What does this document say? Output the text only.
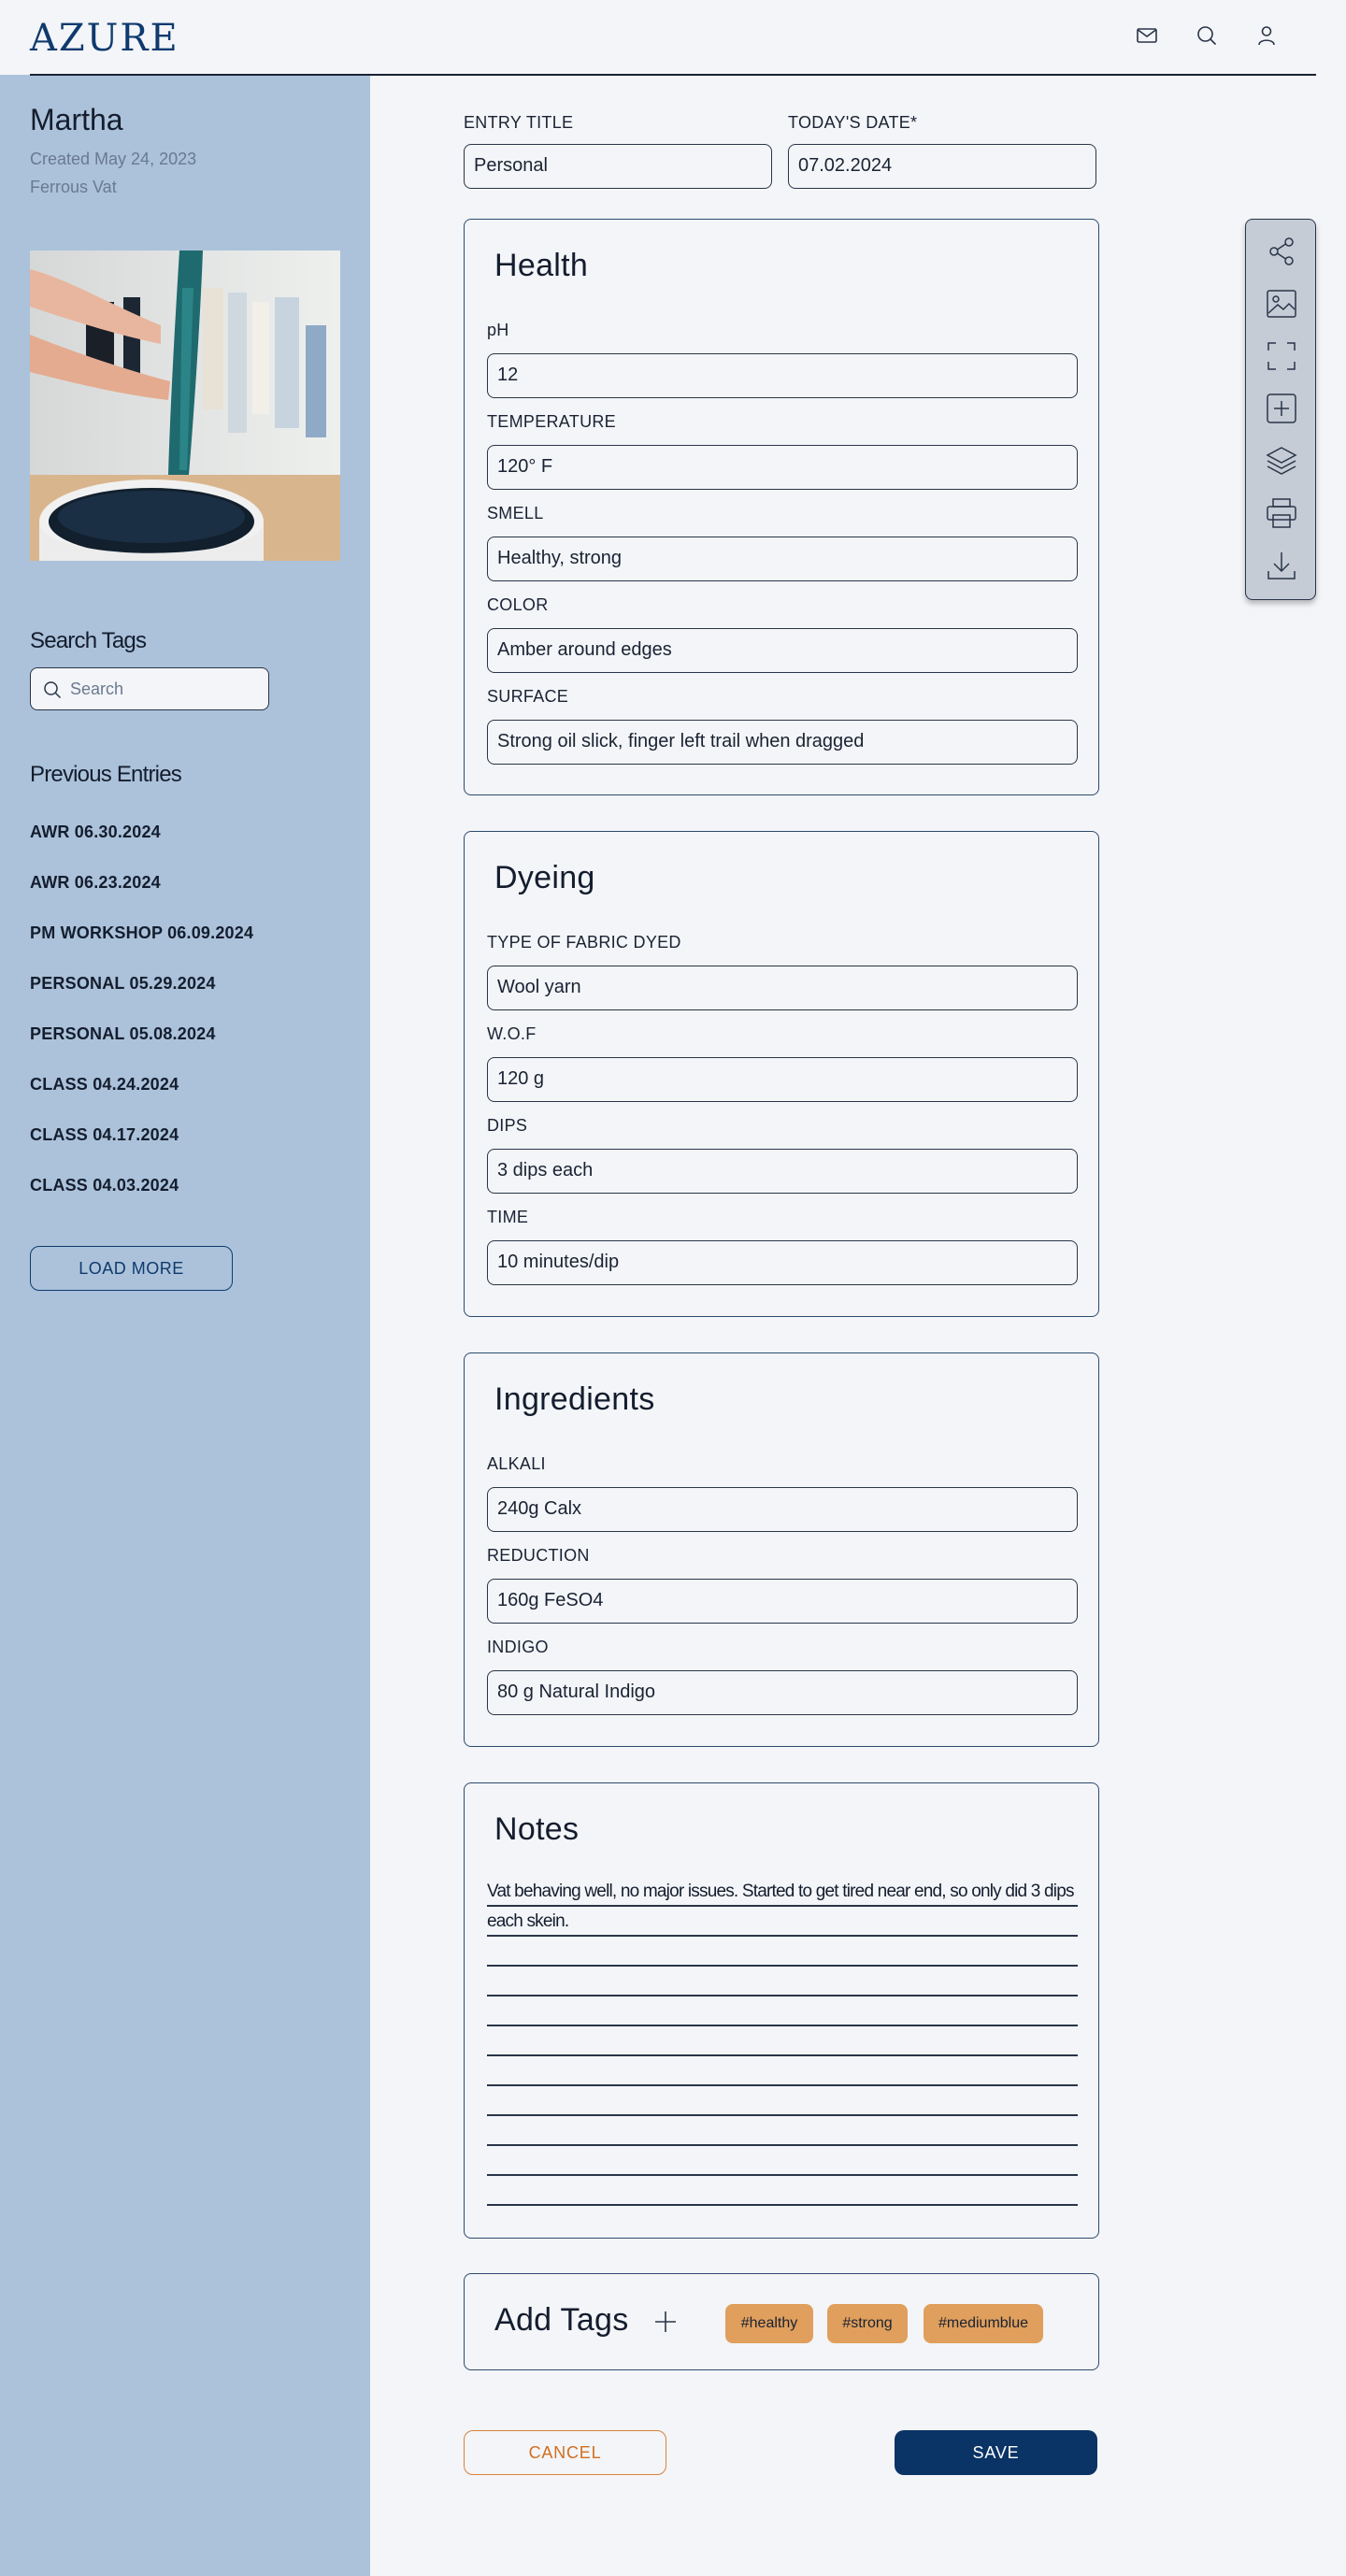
AZURE
Martha
Created May 24, 2023
Ferrous Vat
Search Tags
Search
Previous Entries
AWR 06.30.2024
AWR 06.23.2024
PM WORKSHOP 06.09.2024
PERSONAL 05.29.2024
PERSONAL 05.08.2024
CLASS 04.24.2024
CLASS 04.17.2024
CLASS 04.03.2024
LOAD MORE
ENTRY TITLE
Personal
TODAY'S DATE*
07.02.2024
Health
pH
12
TEMPERATURE
120° F
SMELL
Healthy, strong
COLOR
Amber around edges
SURFACE
Strong oil slick, finger left trail when dragged
Dyeing
TYPE OF FABRIC DYED
Wool yarn
W.O.F
120 g
DIPS
3 dips each
TIME
10 minutes/dip
Ingredients
ALKALI
240g Calx
REDUCTION
160g FeSO4
INDIGO
80 g Natural Indigo
Notes
Vat behaving well, no major issues. Started to get tired near end, so only did 3 dips each skein.
Add Tags	#healthy	#strong	#mediumblue
CANCEL	SAVE
